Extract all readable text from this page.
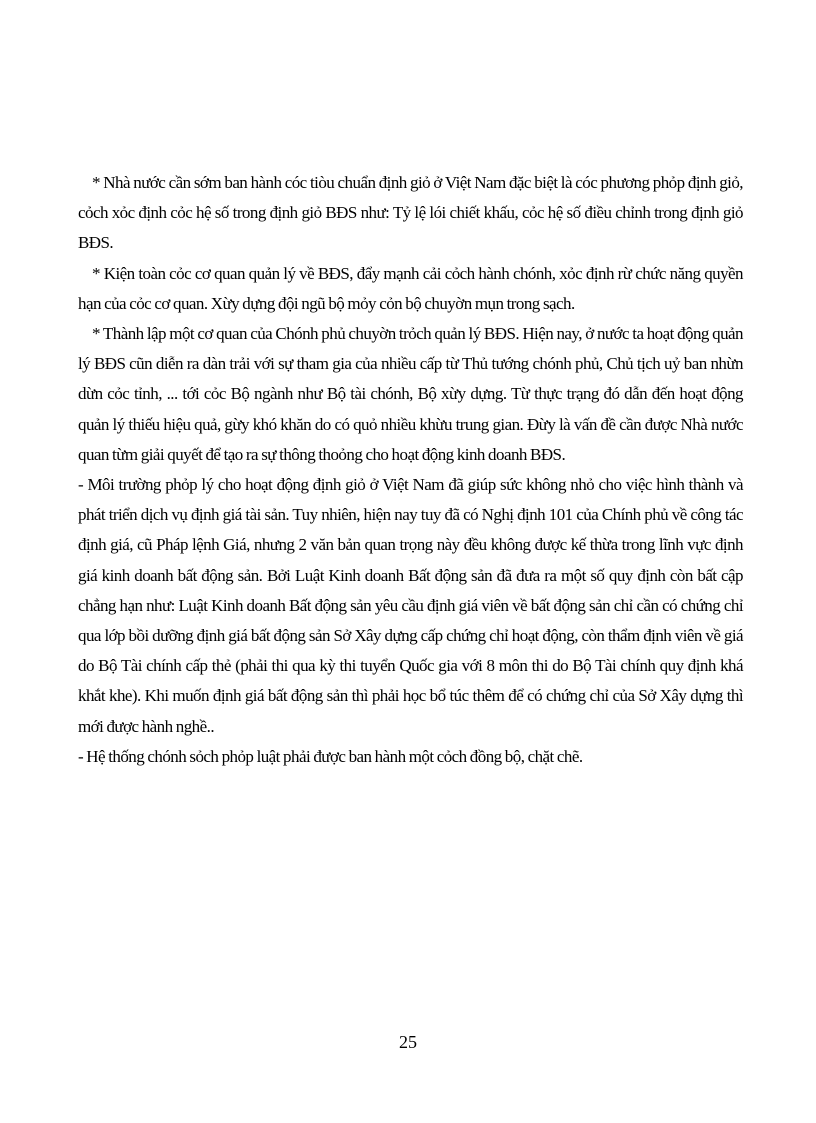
* Nhà nước cần sớm ban hành cóc tiòu chuẩn định giỏ ở Việt Nam đặc biệt là cóc phương phỏp định giỏ, cỏch xỏc định cỏc hệ số trong định giỏ BĐS như: Tỷ lệ lói chiết khấu, cỏc hệ số điều chỉnh trong định giỏ BĐS.

* Kiện toàn cỏc cơ quan quản lý về BĐS, đẩy mạnh cải cỏch hành chónh, xỏc định rừ chức năng quyền hạn của cỏc cơ quan. Xừy dựng đội ngũ bộ mỏy cỏn bộ chuyờn mụn trong sạch.

* Thành lập một cơ quan của Chónh phủ chuyờn trỏch quản lý BĐS. Hiện nay, ở nước ta hoạt động quản lý BĐS cũn diễn ra dàn trải với sự tham gia của nhiều cấp từ Thủ tướng chónh phủ, Chủ tịch uỷ ban nhừn dừn cỏc tỉnh, ... tới cỏc Bộ ngành như Bộ tài chónh, Bộ xừy dựng. Từ thực trạng đó dẫn đến hoạt động quản lý thiếu hiệu quả, gừy khó khăn do có quỏ nhiều khừu trung gian. Đừy là vấn đề cần được Nhà nước quan từm giải quyết để tạo ra sự thông thoỏng cho hoạt động kinh doanh BĐS.

- Môi trường phỏp lý cho hoạt động định giỏ ở Việt Nam đã giúp sức không nhỏ cho việc hình thành và phát triển dịch vụ định giá tài sản. Tuy nhiên, hiện nay tuy đã có Nghị định 101 của Chính phủ về công tác định giá, cũ Pháp lệnh Giá, nhưng 2 văn bản quan trọng này đều không được kế thừa trong lĩnh vực định giá kinh doanh bất động sản. Bởi Luật Kinh doanh Bất động sản đã đưa ra một số quy định còn bất cập chẳng hạn như: Luật Kinh doanh Bất động sản yêu cầu định giá viên về bất động sản chỉ cần có chứng chỉ qua lớp bồi dưỡng định giá bất động sản Sở Xây dựng cấp chứng chỉ hoạt động, còn thẩm định viên về giá do Bộ Tài chính cấp thẻ (phải thi qua kỳ thi tuyển Quốc gia với 8 môn thi do Bộ Tài chính quy định khá khắt khe). Khi muốn định giá bất động sản thì phải học bổ túc thêm để có chứng chỉ của Sở Xây dựng thì mới được hành nghề..

- Hệ thống chónh sỏch phỏp luật phải được ban hành một cỏch đồng bộ, chặt chẽ.

25
